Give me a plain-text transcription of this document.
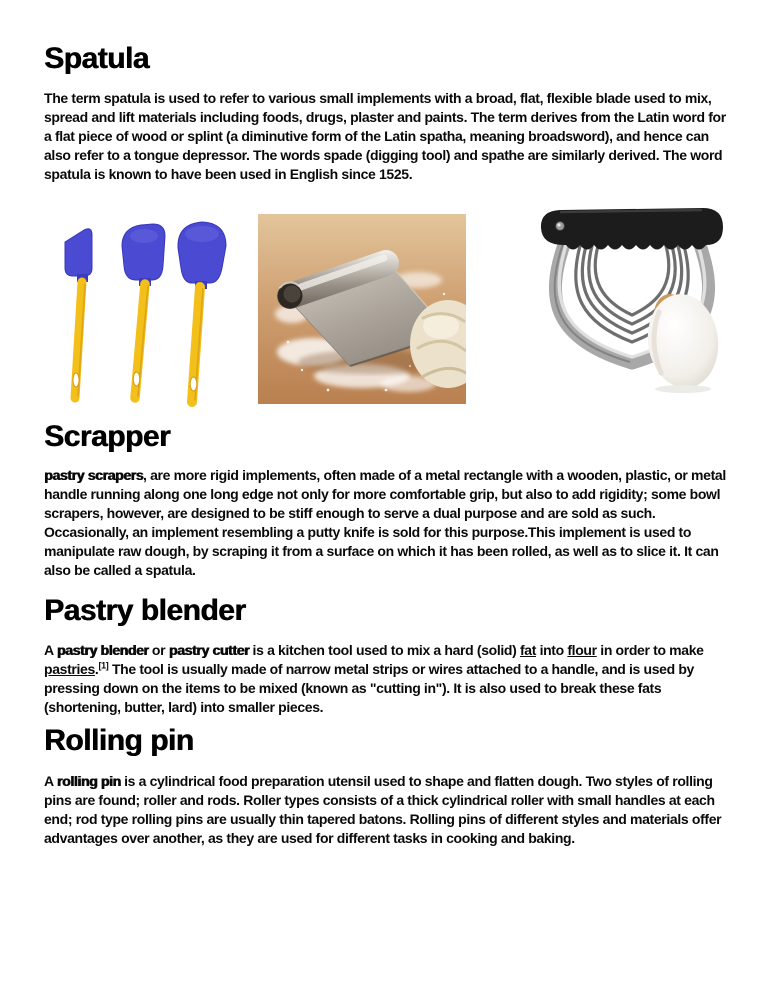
Spatula

The term spatula is used to refer to various small implements with a broad, flat, flexible blade used to mix, spread and lift materials including foods, drugs, plaster and paints. The term derives from the Latin word for a flat piece of wood or splint (a diminutive form of the Latin spatha, meaning broadsword), and hence can also refer to a tongue depressor. The words spade (digging tool) and spathe are similarly derived. The word spatula is known to have been used in English since 1525.

Scrapper

pastry scrapers, are more rigid implements, often made of a metal rectangle with a wooden, plastic, or metal handle running along one long edge not only for more comfortable grip, but also to add rigidity; some bowl scrapers, however, are designed to be stiff enough to serve a dual purpose and are sold as such. Occasionally, an implement resembling a putty knife is sold for this purpose.This implement is used to manipulate raw dough, by scraping it from a surface on which it has been rolled, as well as to slice it. It can also be called a spatula.

Pastry blender

A pastry blender or pastry cutter is a kitchen tool used to mix a hard (solid) fat into flour in order to make pastries.[1] The tool is usually made of narrow metal strips or wires attached to a handle, and is used by pressing down on the items to be mixed (known as "cutting in"). It is also used to break these fats (shortening, butter, lard) into smaller pieces.

Rolling pin

A rolling pin is a cylindrical food preparation utensil used to shape and flatten dough. Two styles of rolling pins are found; roller and rods. Roller types consists of a thick cylindrical roller with small handles at each end; rod type rolling pins are usually thin tapered batons. Rolling pins of different styles and materials offer advantages over another, as they are used for different tasks in cooking and baking.
